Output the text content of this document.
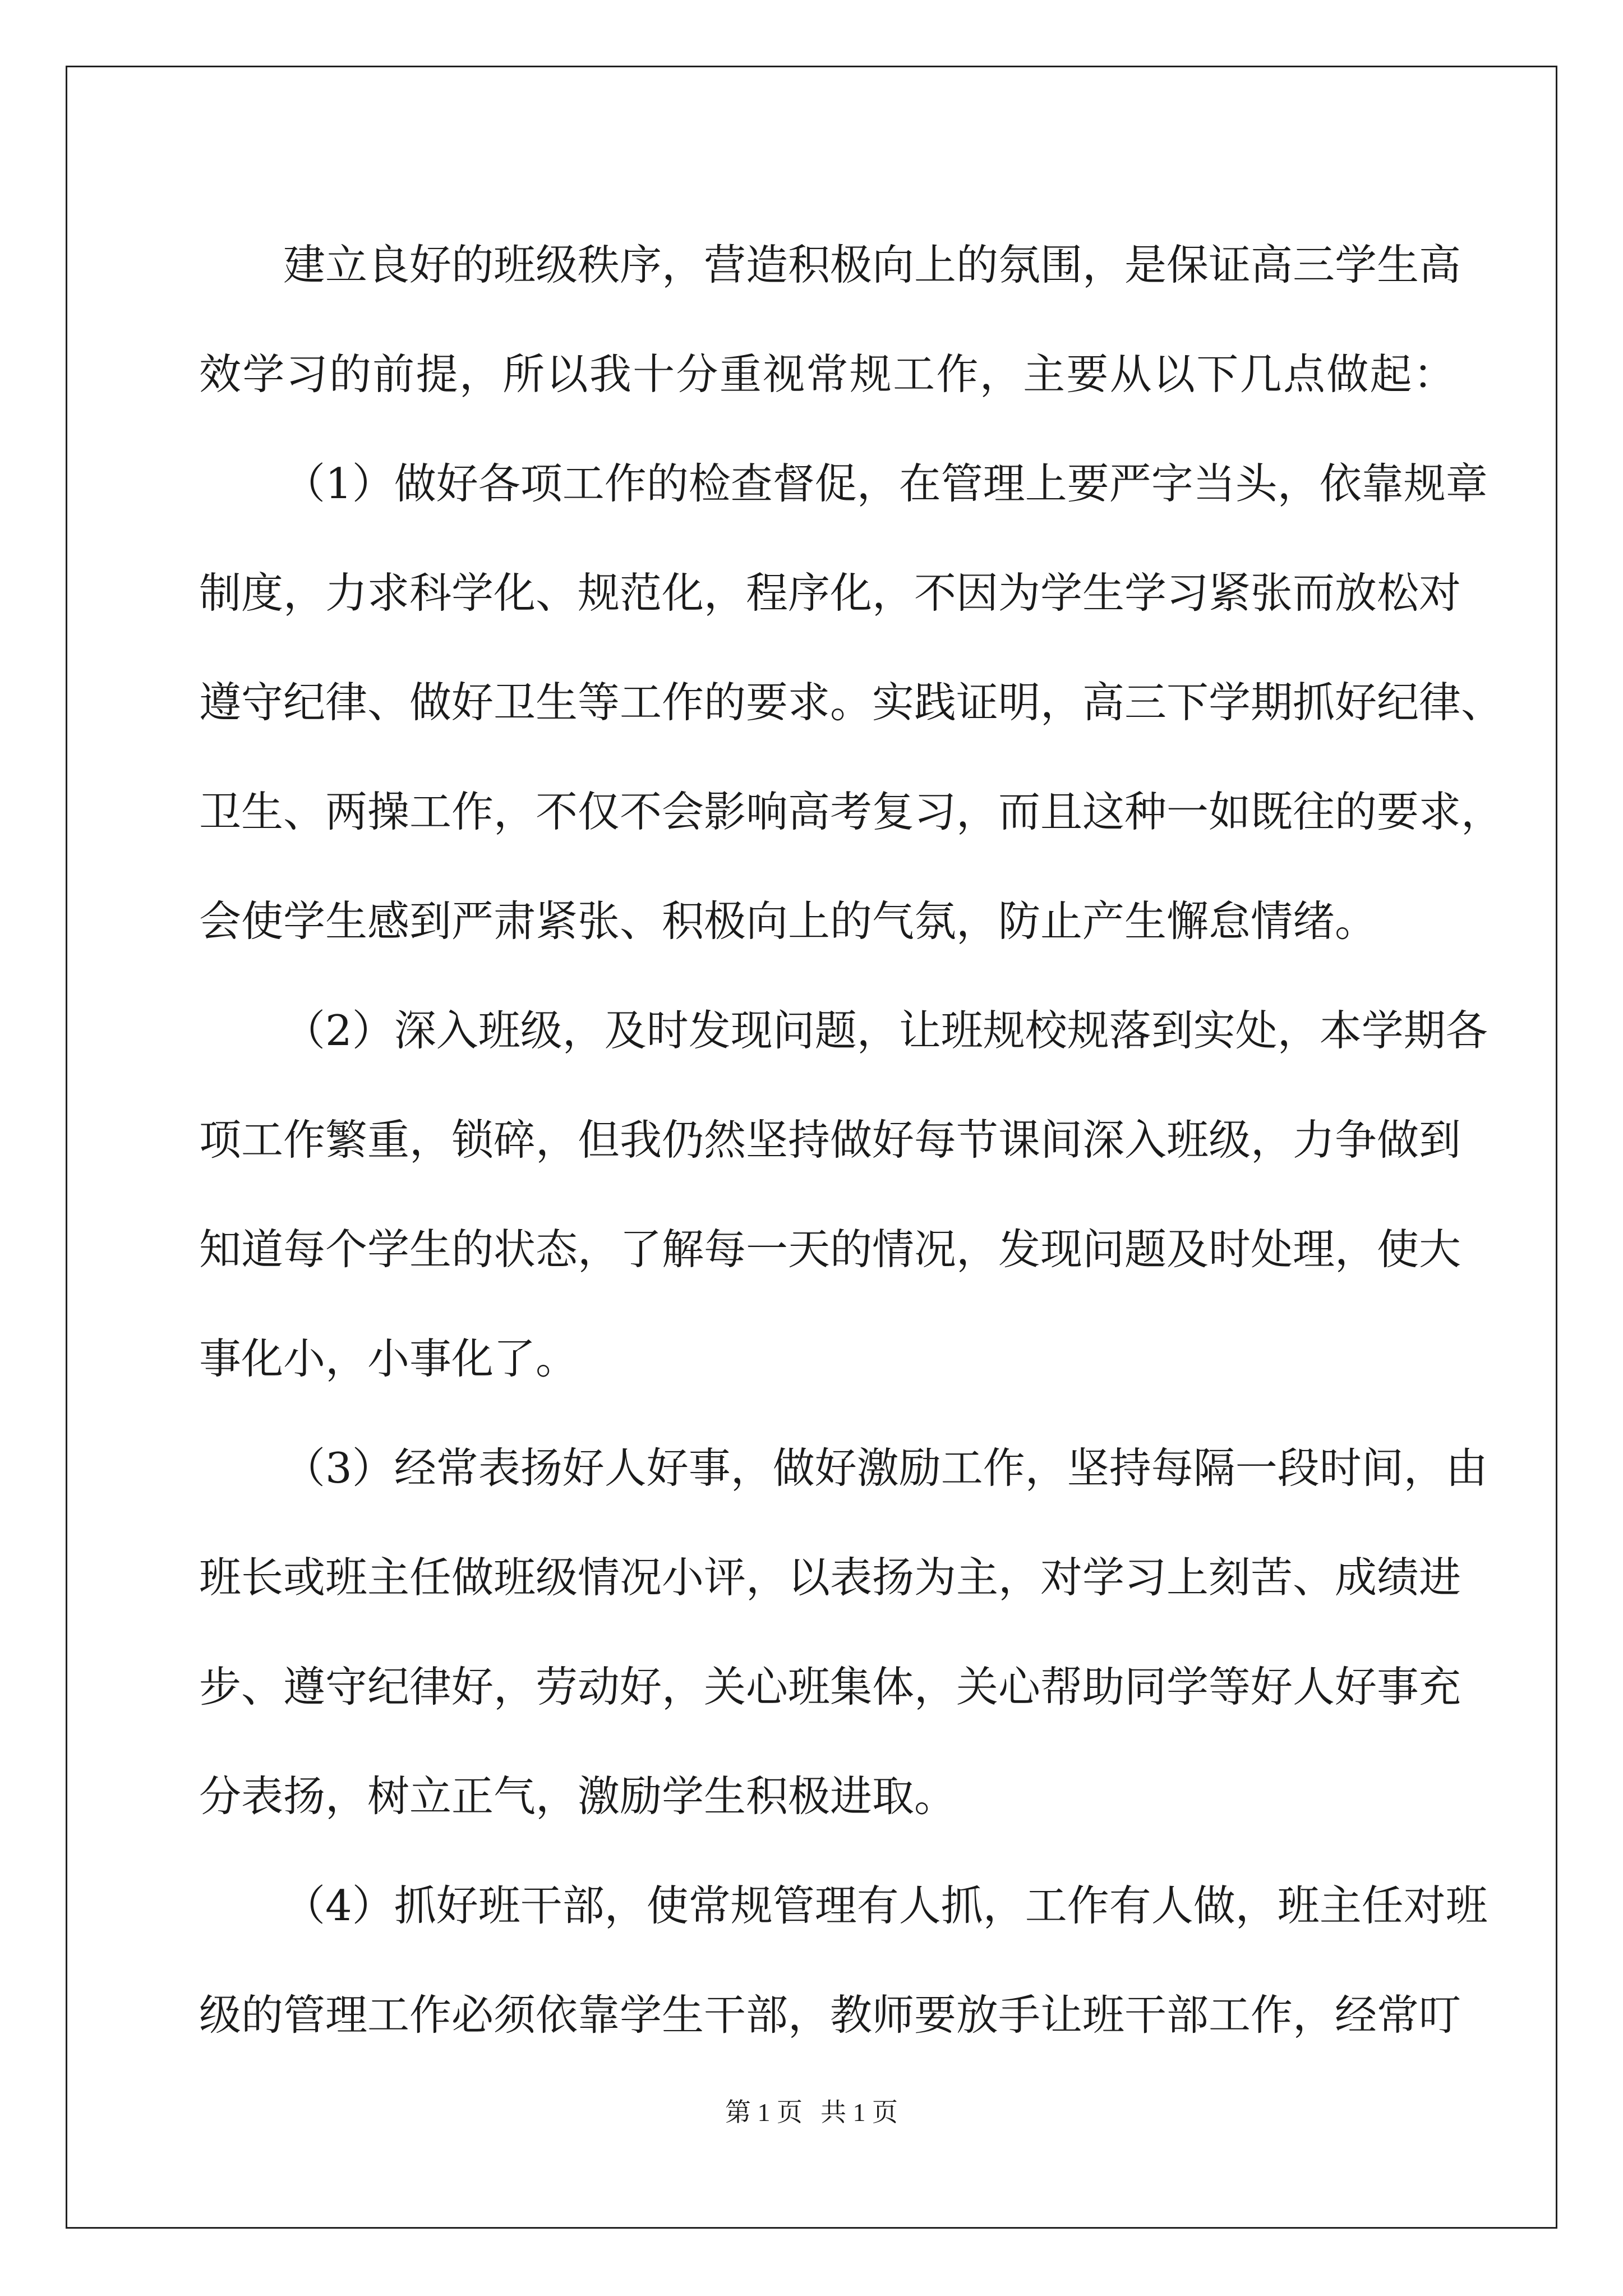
建立良好的班级秩序，营造积极向上的氛围，是保证高三学生高
效学习的前提，所以我十分重视常规工作，主要从以下几点做起：
（1）做好各项工作的检查督促，在管理上要严字当头，依靠规章
制度，力求科学化、规范化，程序化，不因为学生学习紧张而放松对
遵守纪律、做好卫生等工作的要求。实践证明，高三下学期抓好纪律、
卫生、两操工作，不仅不会影响高考复习，而且这种一如既往的要求，
会使学生感到严肃紧张、积极向上的气氛，防止产生懈怠情绪。
（2）深入班级，及时发现问题，让班规校规落到实处，本学期各
项工作繁重，锁碎，但我仍然坚持做好每节课间深入班级，力争做到
知道每个学生的状态，了解每一天的情况，发现问题及时处理，使大
事化小，小事化了。
（3）经常表扬好人好事，做好激励工作，坚持每隔一段时间，由
班长或班主任做班级情况小评，以表扬为主，对学习上刻苦、成绩进
步、遵守纪律好，劳动好，关心班集体，关心帮助同学等好人好事充
分表扬，树立正气，激励学生积极进取。
（4）抓好班干部，使常规管理有人抓，工作有人做，班主任对班
级的管理工作必须依靠学生干部，教师要放手让班干部工作，经常叮
第 1 页 共 1 页
